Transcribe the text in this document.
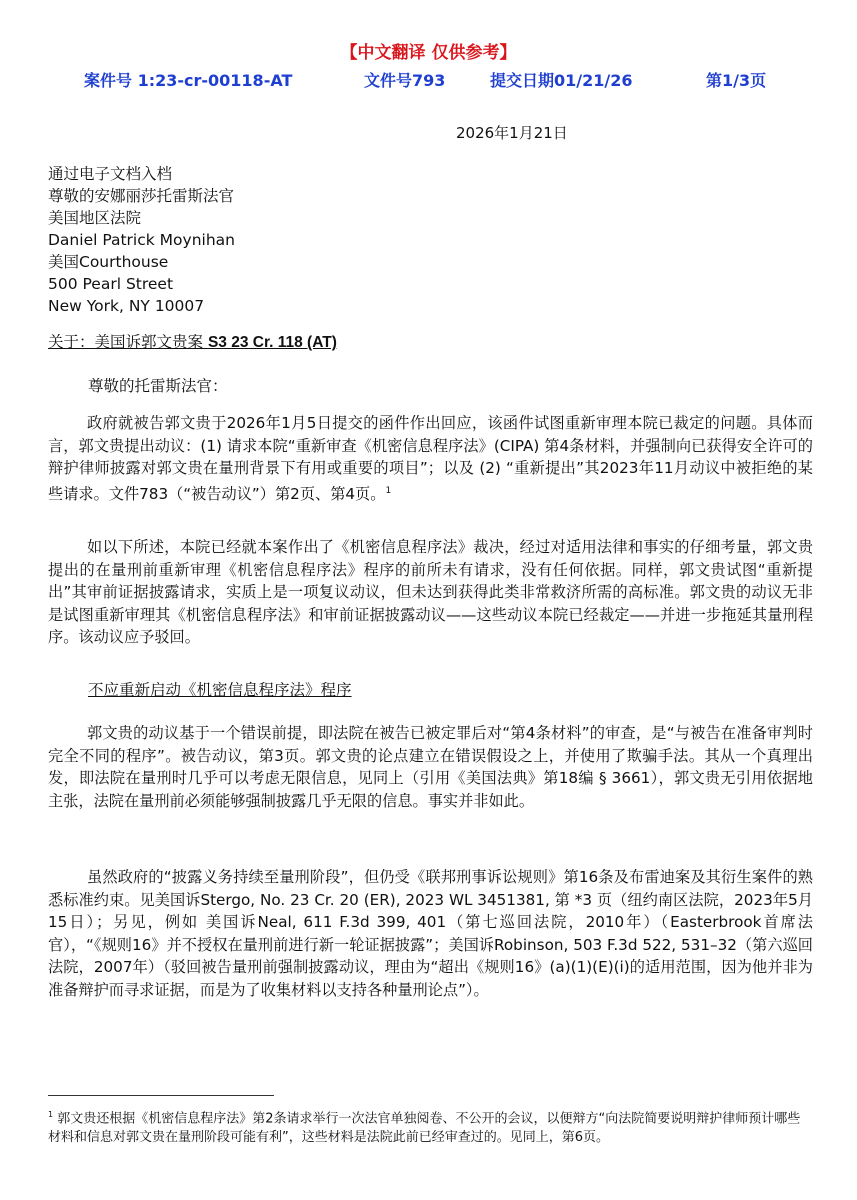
【中文翻译 仅供参考】
案件号 1:23-cr-00118-AT	文件号793	提交日期01/21/26	第1/3页
2026年1月21日
通过电子文档入档
尊敬的安娜丽莎托雷斯法官
美国地区法院
Daniel Patrick Moynihan
美国Courthouse
500 Pearl Street
New York, NY 10007
关于：美国诉郭文贵案 S3 23 Cr. 118 (AT)
尊敬的托雷斯法官：
政府就被告郭文贵于2026年1月5日提交的函件作出回应，该函件试图重新审理本院已裁定的问题。具体而言，郭文贵提出动议：(1) 请求本院“重新审查《机密信息程序法》(CIPA) 第4条材料，并强制向已获得安全许可的辩护律师披露对郭文贵在量刑背景下有用或重要的项目”；以及 (2) “重新提出”其2023年11月动议中被拒绝的某些请求。文件783（“被告动议”）第2页、第4页。$^1$
如以下所述，本院已经就本案作出了《机密信息程序法》裁决，经过对适用法律和事实的仔细考量，郭文贵提出的在量刑前重新审理《机密信息程序法》程序的前所未有请求，没有任何依据。同样，郭文贵试图“重新提出”其审前证据披露请求，实质上是一项复议动议，但未达到获得此类非常救济所需的高标准。郭文贵的动议无非是试图重新审理其《机密信息程序法》和审前证据披露动议——这些动议本院已经裁定——并进一步拖延其量刑程序。该动议应予驳回。
不应重新启动《机密信息程序法》程序
郭文贵的动议基于一个错误前提，即法院在被告已被定罪后对“第4条材料”的审查，是“与被告在准备审判时完全不同的程序”。被告动议，第3页。郭文贵的论点建立在错误假设之上，并使用了欺骗手法。其从一个真理出发，即法院在量刑时几乎可以考虑无限信息，见同上（引用《美国法典》第18编 § 3661），郭文贵无引用依据地主张，法院在量刑前必须能够强制披露几乎无限的信息。事实并非如此。
虽然政府的“披露义务持续至量刑阶段”，但仍受《联邦刑事诉讼规则》第16条及布雷迪案及其衍生案件的熟悉标准约束。见美国诉Stergo, No. 23 Cr. 20 (ER), 2023 WL 3451381, 第 *3 页（纽约南区法院，2023年5月15日）；另见，例如 美国诉Neal, 611 F.3d 399, 401（第七巡回法院，2010年）（Easterbrook首席法官），“《规则16》并不授权在量刑前进行新一轮证据披露”；美国诉Robinson, 503 F.3d 522, 531–32（第六巡回法院，2007年）（驳回被告量刑前强制披露动议，理由为“超出《规则16》(a)(1)(E)(i)的适用范围，因为他并非为准备辩护而寻求证据，而是为了收集材料以支持各种量刑论点”）。
$^1$ 郭文贵还根据《机密信息程序法》第2条请求举行一次法官单独阅卷、不公开的会议，以便辩方“向法院简要说明辩护律师预计哪些材料和信息对郭文贵在量刑阶段可能有利”，这些材料是法院此前已经审查过的。见同上，第6页。
